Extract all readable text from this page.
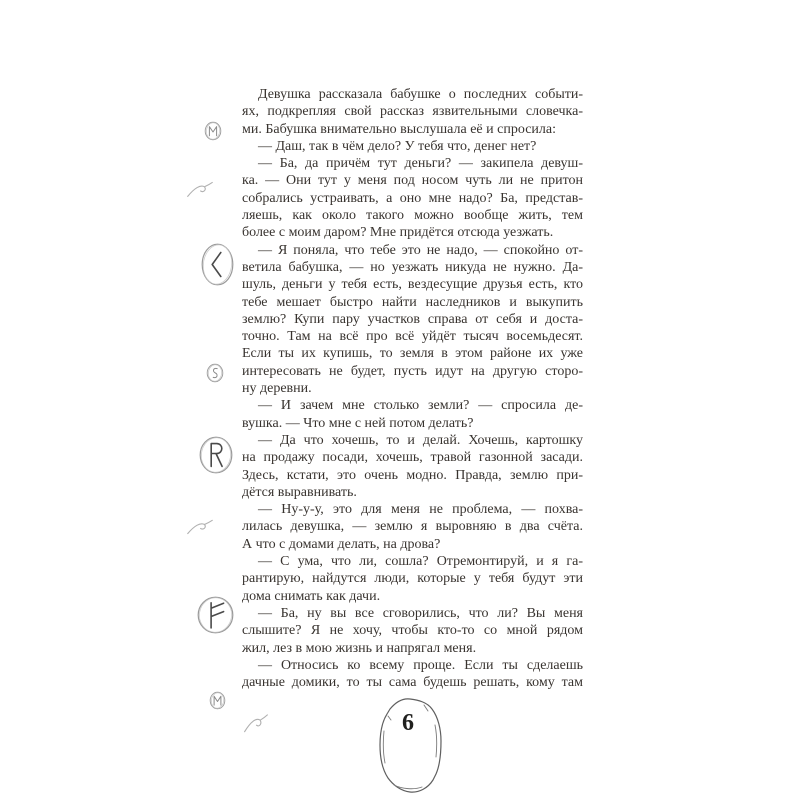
Девушка рассказала бабушке о последних событи-
ях, подкрепляя свой рассказ язвительными словечка-
ми. Бабушка внимательно выслушала её и спросила:
— Даш, так в чём дело? У тебя что, денег нет?
— Ба, да причём тут деньги? — закипела девуш-
ка. — Они тут у меня под носом чуть ли не притон
собрались устраивать, а оно мне надо? Ба, представ-
ляешь, как около такого можно вообще жить, тем
более с моим даром? Мне придётся отсюда уезжать.
— Я поняла, что тебе это не надо, — спокойно от-
ветила бабушка, — но уезжать никуда не нужно. Да-
шуль, деньги у тебя есть, вездесущие друзья есть, кто
тебе мешает быстро найти наследников и выкупить
землю? Купи пару участков справа от себя и доста-
точно. Там на всё про всё уйдёт тысяч восемьдесят.
Если ты их купишь, то земля в этом районе их уже
интересовать не будет, пусть идут на другую сторо-
ну деревни.
— И зачем мне столько земли? — спросила де-
вушка. — Что мне с ней потом делать?
— Да что хочешь, то и делай. Хочешь, картошку
на продажу посади, хочешь, травой газонной засади.
Здесь, кстати, это очень модно. Правда, землю при-
дётся выравнивать.
— Ну-у-у, это для меня не проблема, — похва-
лилась девушка, — землю я выровняю в два счёта.
А что с домами делать, на дрова?
— С ума, что ли, сошла? Отремонтируй, и я га-
рантирую, найдутся люди, которые у тебя будут эти
дома снимать как дачи.
— Ба, ну вы все сговорились, что ли? Вы меня
слышите? Я не хочу, чтобы кто-то со мной рядом
жил, лез в мою жизнь и напрягал меня.
— Относись ко всему проще. Если ты сделаешь
дачные домики, то ты сама будешь решать, кому там
6
